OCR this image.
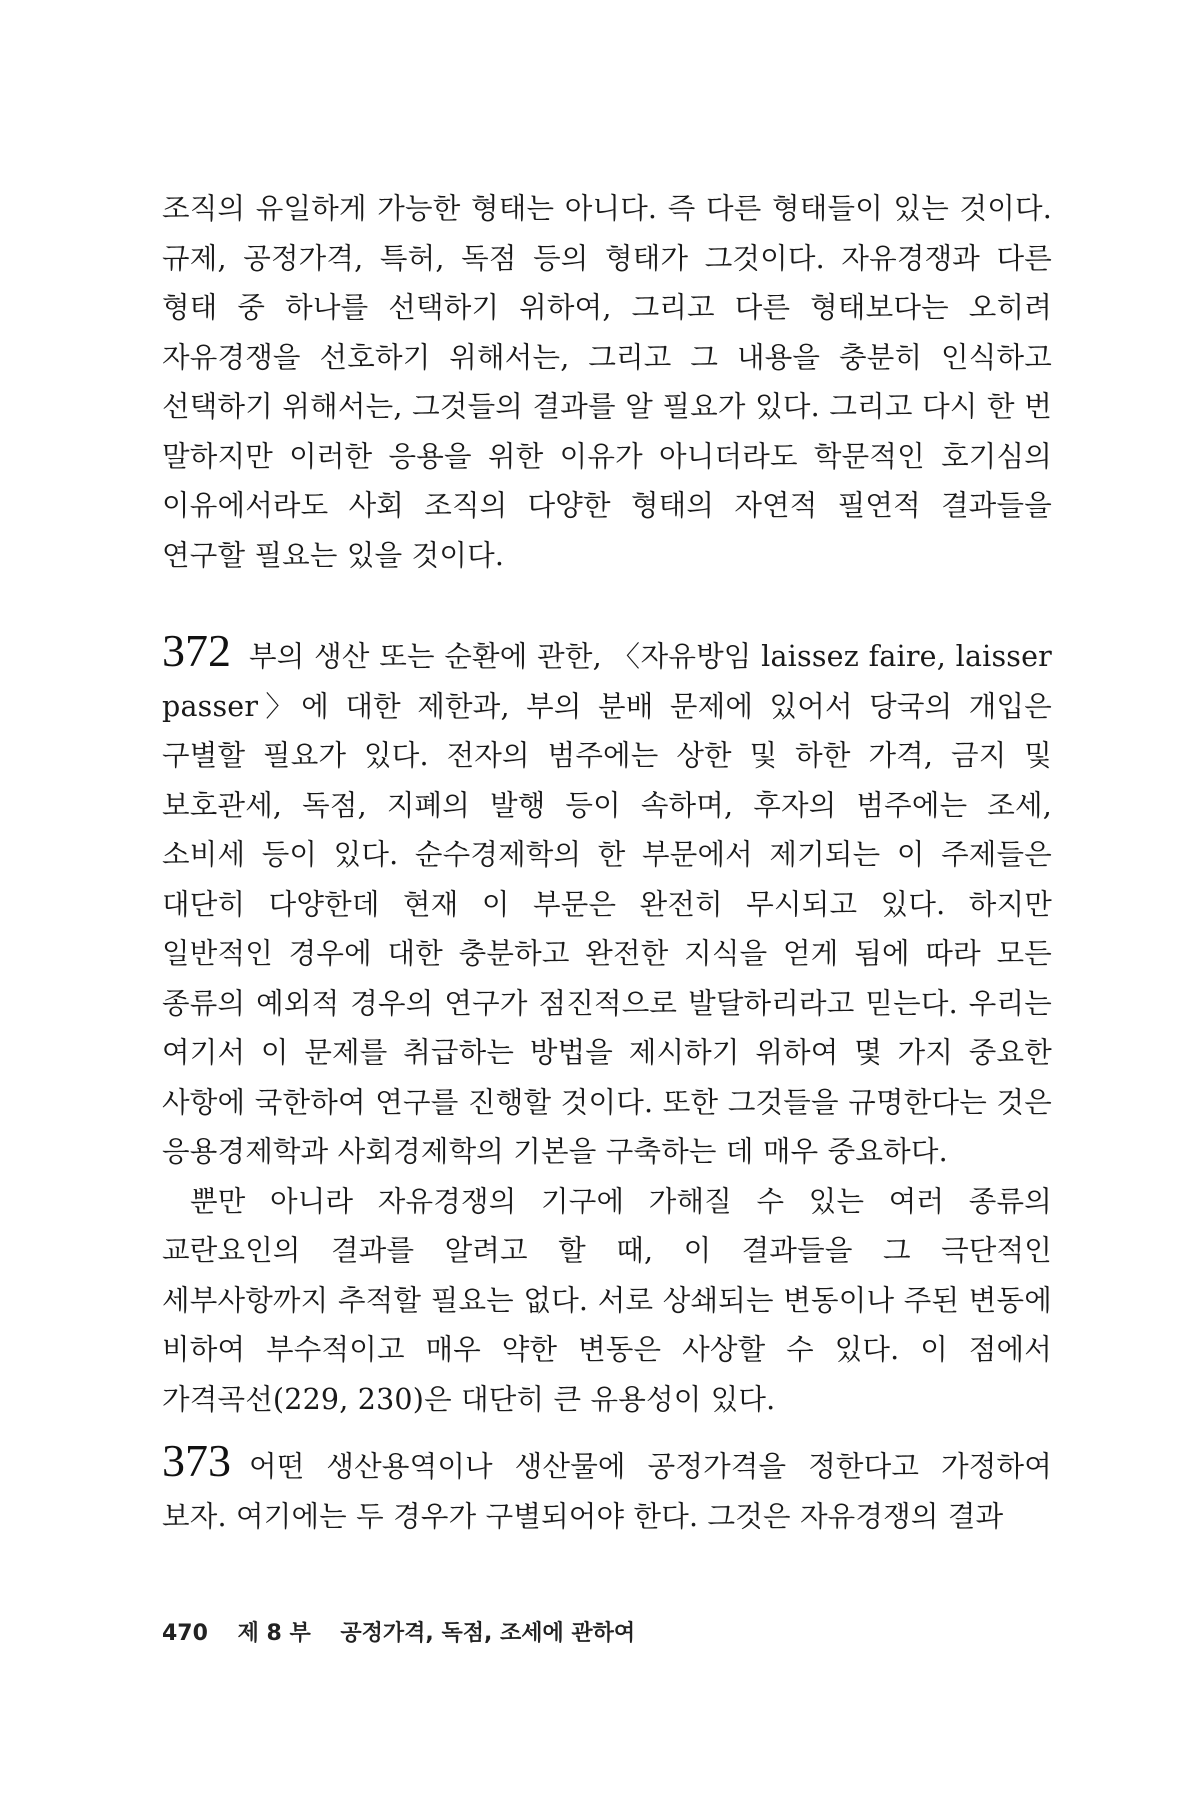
조직의 유일하게 가능한 형태는 아니다. 즉 다른 형태들이 있는 것이다. 규제, 공정가격, 특허, 독점 등의 형태가 그것이다. 자유경쟁과 다른 형태 중 하나를 선택하기 위하여, 그리고 다른 형태보다는 오히려 자유경쟁을 선호하기 위해서는, 그리고 그 내용을 충분히 인식하고 선택하기 위해서는, 그것들의 결과를 알 필요가 있다. 그리고 다시 한 번 말하지만 이러한 응용을 위한 이유가 아니더라도 학문적인 호기심의 이유에서라도 사회 조직의 다양한 형태의 자연적 필연적 결과들을 연구할 필요는 있을 것이다.

372 부의 생산 또는 순환에 관한, 〈자유방임 laissez faire, laisser passer〉에 대한 제한과, 부의 분배 문제에 있어서 당국의 개입은 구별할 필요가 있다. 전자의 범주에는 상한 및 하한 가격, 금지 및 보호관세, 독점, 지폐의 발행 등이 속하며, 후자의 범주에는 조세, 소비세 등이 있다. 순수경제학의 한 부문에서 제기되는 이 주제들은 대단히 다양한데 현재 이 부문은 완전히 무시되고 있다. 하지만 일반적인 경우에 대한 충분하고 완전한 지식을 얻게 됨에 따라 모든 종류의 예외적 경우의 연구가 점진적으로 발달하리라고 믿는다. 우리는 여기서 이 문제를 취급하는 방법을 제시하기 위하여 몇 가지 중요한 사항에 국한하여 연구를 진행할 것이다. 또한 그것들을 규명한다는 것은 응용경제학과 사회경제학의 기본을 구축하는 데 매우 중요하다.

뿐만 아니라 자유경쟁의 기구에 가해질 수 있는 여러 종류의 교란요인의 결과를 알려고 할 때, 이 결과들을 그 극단적인 세부사항까지 추적할 필요는 없다. 서로 상쇄되는 변동이나 주된 변동에 비하여 부수적이고 매우 약한 변동은 사상할 수 있다. 이 점에서 가격곡선(229, 230)은 대단히 큰 유용성이 있다.

373 어떤 생산용역이나 생산물에 공정가격을 정한다고 가정하여 보자. 여기에는 두 경우가 구별되어야 한다. 그것은 자유경쟁의 결과

470 제 8 부 공정가격, 독점, 조세에 관하여
